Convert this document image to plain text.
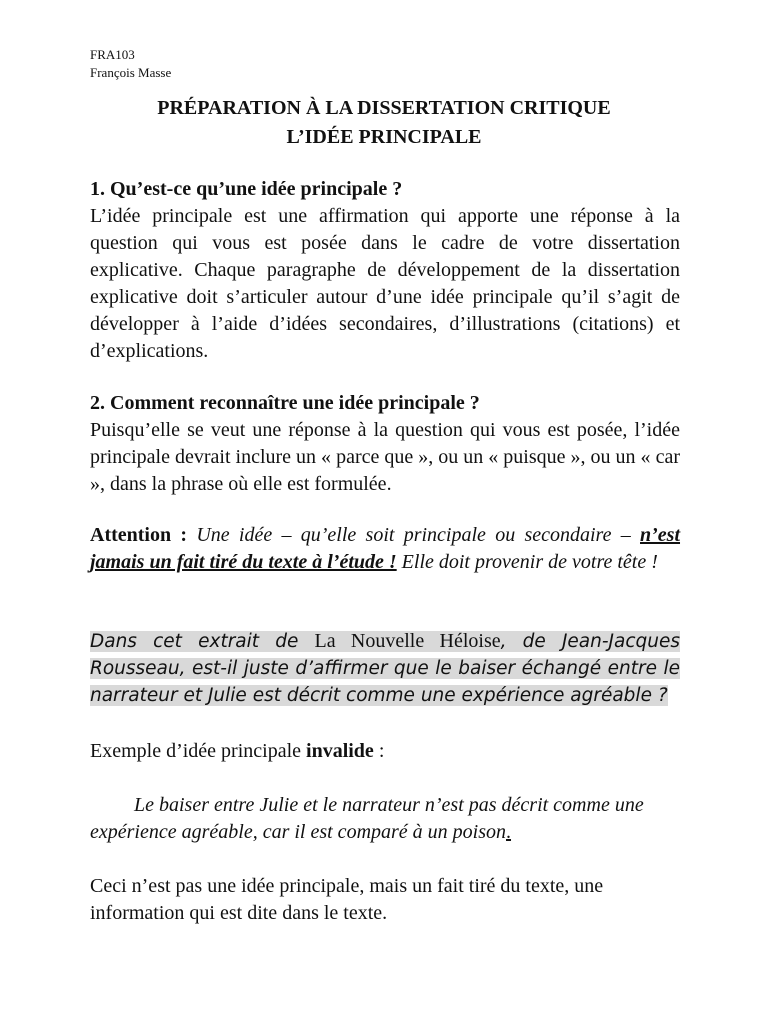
FRA103
François Masse
PRÉPARATION À LA DISSERTATION CRITIQUE
L’IDÉE PRINCIPALE
1. Qu’est-ce qu’une idée principale ?
L’idée principale est une affirmation qui apporte une réponse à la question qui vous est posée dans le cadre de votre dissertation explicative. Chaque paragraphe de développement de la dissertation explicative doit s’articuler autour d’une idée principale qu’il s’agit de développer à l’aide d’idées secondaires, d’illustrations (citations) et d’explications.
2. Comment reconnaître une idée principale ?
Puisqu’elle se veut une réponse à la question qui vous est posée, l’idée principale devrait inclure un « parce que », ou un « puisque », ou un « car », dans la phrase où elle est formulée.
Attention : Une idée – qu’elle soit principale ou secondaire – n’est jamais un fait tiré du texte à l’étude ! Elle doit provenir de votre tête !
Dans cet extrait de La Nouvelle Héloise, de Jean-Jacques Rousseau, est-il juste d’affirmer que le baiser échangé entre le narrateur et Julie est décrit comme une expérience agréable ?
Exemple d’idée principale invalide :
Le baiser entre Julie et le narrateur n’est pas décrit comme une expérience agréable, car il est comparé à un poison.
Ceci n’est pas une idée principale, mais un fait tiré du texte, une information qui est dite dans le texte.
